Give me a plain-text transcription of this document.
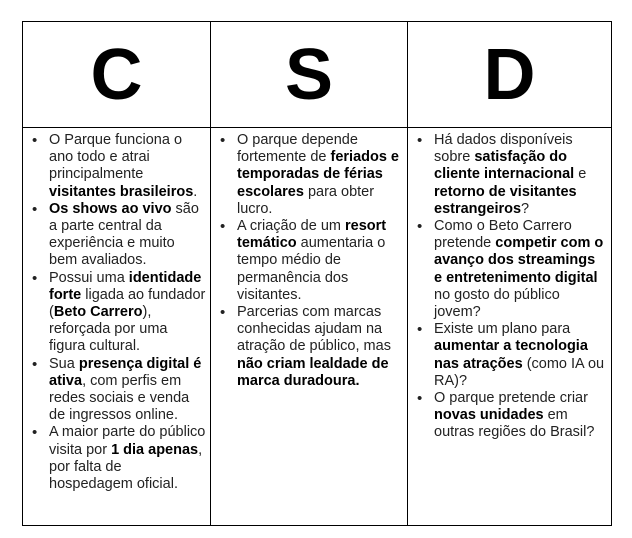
C	S	D
• O Parque funciona o ano todo e atrai principalmente visitantes brasileiros.
• Os shows ao vivo são a parte central da experiência e muito bem avaliados.
• Possui uma identidade forte ligada ao fundador (Beto Carrero), reforçada por uma figura cultural.
• Sua presença digital é ativa, com perfis em redes sociais e venda de ingressos online.
• A maior parte do público visita por 1 dia apenas, por falta de hospedagem oficial.
• O parque depende fortemente de feriados e temporadas de férias escolares para obter lucro.
• A criação de um resort temático aumentaria o tempo médio de permanência dos visitantes.
• Parcerias com marcas conhecidas ajudam na atração de público, mas não criam lealdade de marca duradoura.
• Há dados disponíveis sobre satisfação do cliente internacional e retorno de visitantes estrangeiros?
• Como o Beto Carrero pretende competir com o avanço dos streamings e entretenimento digital no gosto do público jovem?
• Existe um plano para aumentar a tecnologia nas atrações (como IA ou RA)?
• O parque pretende criar novas unidades em outras regiões do Brasil?
